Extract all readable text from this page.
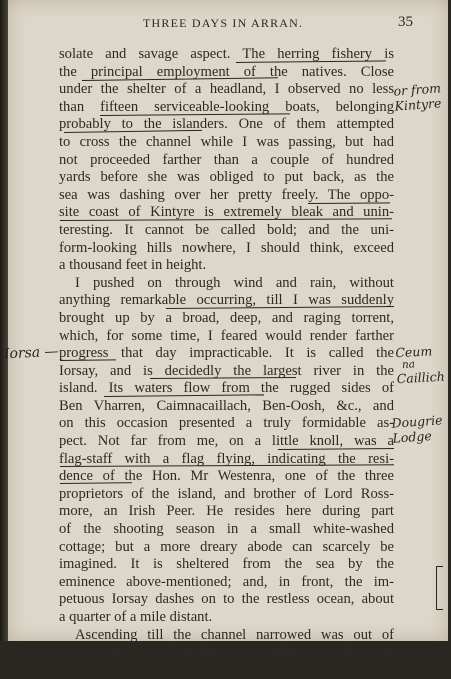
THREE DAYS IN ARRAN.	35
solate and savage aspect. The herring fishery is
the principal employment of the natives. Close
under the shelter of a headland, I observed no less
than fifteen serviceable-looking boats, belonging
probably to the islanders. One of them attempted
to cross the channel while I was passing, but had
not proceeded farther than a couple of hundred
yards before she was obliged to put back, as the
sea was dashing over her pretty freely. The oppo-
site coast of Kintyre is extremely bleak and unin-
teresting. It cannot be called bold; and the uni-
form-looking hills nowhere, I should think, exceed
a thousand feet in height.
I pushed on through wind and rain, without
anything remarkable occurring, till I was suddenly
brought up by a broad, deep, and raging torrent,
which, for some time, I feared would render farther
progress that day impracticable. It is called the
Iorsay, and is decidedly the largest river in the
island. Its waters flow from the rugged sides of
Ben Vharren, Caimnacaillach, Ben-Oosh, &c., and
on this occasion presented a truly formidable as-
pect. Not far from me, on a little knoll, was a
flag-staff with a flag flying, indicating the resi-
dence of the Hon. Mr Westenra, one of the three
proprietors of the island, and brother of Lord Ross-
more, an Irish Peer. He resides here during part
of the shooting season in a small white-washed
cottage; but a more dreary abode can scarcely be
imagined. It is sheltered from the sea by the
eminence above-mentioned; and, in front, the im-
petuous Iorsay dashes on to the restless ocean, about
a quarter of a mile distant.
Ascending till the channel narrowed was out of
the question, as I might have trudged on till night
without a chance of effecting a safe passage. At
or from
Kintyre
Iorsa —	Ceum
na
Caillich
Dougrie
Lodge
